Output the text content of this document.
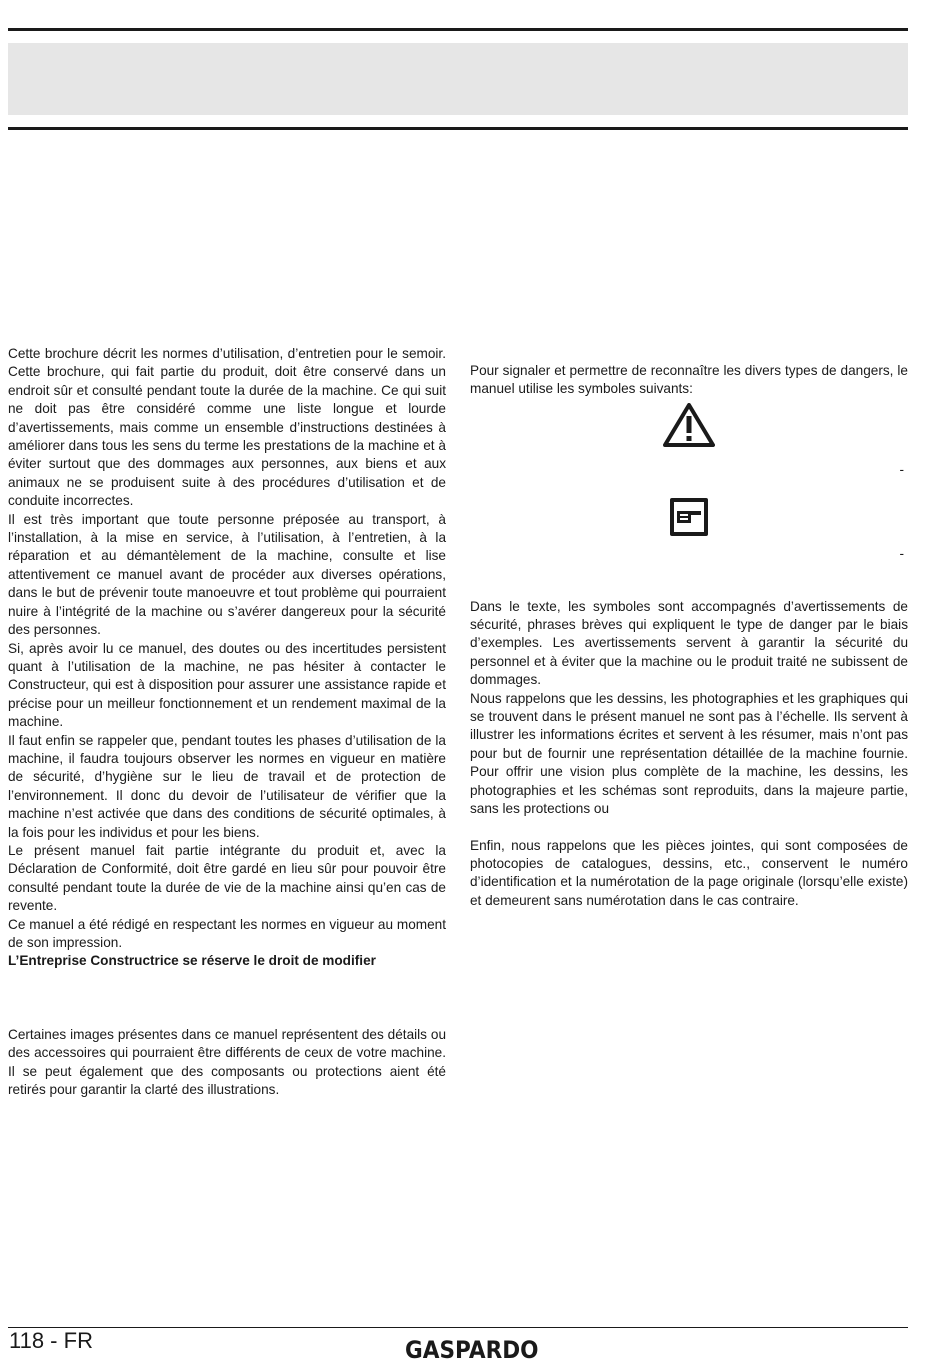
Cette brochure décrit les normes d’utilisation, d’entretien pour le semoir. Cette brochure, qui fait partie du produit, doit être conservé dans un endroit sûr et consulté pendant toute la durée de la machine. Ce qui suit ne doit pas être considéré comme une liste longue et lourde d’avertissements, mais comme un ensemble d’instructions destinées à améliorer dans tous les sens du terme les prestations de la machine et à éviter surtout que des dommages aux personnes, aux biens et aux animaux ne se produisent suite à des procédures d’utilisation et de conduite incorrectes.

Il est très important que toute personne préposée au transport, à l’installation, à la mise en service, à l’utilisation, à l’entretien, à la réparation et au démantèlement de la machine, consulte et lise attentivement ce manuel avant de procéder aux diverses opérations, dans le but de prévenir toute manoeuvre et tout problème qui pourraient nuire à l’intégrité de la machine ou s’avérer dangereux pour la sécurité des personnes.

Si, après avoir lu ce manuel, des doutes ou des incertitudes persistent quant à l’utilisation de la machine, ne pas hésiter à contacter le Constructeur, qui est à disposition pour assurer une assistance rapide et précise pour un meilleur fonctionnement et un rendement maximal de la machine.

Il faut enfin se rappeler que, pendant toutes les phases d’utilisation de la machine, il faudra toujours observer les normes en vigueur en matière de sécurité, d’hygiène sur le lieu de travail et de protection de l’environnement. Il donc du devoir de l’utilisateur de vérifier que la machine n’est activée que dans des conditions de sécurité optimales, à la fois pour les individus et pour les biens.

Le présent manuel fait partie intégrante du produit et, avec la Déclaration de Conformité, doit être gardé en lieu sûr pour pouvoir être consulté pendant toute la durée de vie de la machine ainsi qu’en cas de revente.

Ce manuel a été rédigé en respectant les normes en vigueur au moment de son impression.

L’Entreprise Constructrice se réserve le droit de modifier

Certaines images présentes dans ce manuel représentent des détails ou des accessoires qui pourraient être différents de ceux de votre machine. Il se peut également que des composants ou protections aient été retirés pour garantir la clarté des illustrations.

Pour signaler et permettre de reconnaître les divers types de dangers, le manuel utilise les symboles suivants:

-
-

Dans le texte, les symboles sont accompagnés d’avertissements de sécurité, phrases brèves qui expliquent le type de danger par le biais d’exemples. Les avertissements servent à garantir la sécurité du personnel et à éviter que la machine ou le produit traité ne subissent de dommages.

Nous rappelons que les dessins, les photographies et les graphiques qui se trouvent dans le présent manuel ne sont pas à l’échelle. Ils servent à illustrer les informations écrites et servent à les résumer, mais n’ont pas pour but de fournir une représentation détaillée de la machine fournie. Pour offrir une vision plus complète de la machine, les dessins, les photographies et les schémas sont reproduits, dans la majeure partie, sans les protections ou

Enfin, nous rappelons que les pièces jointes, qui sont composées de photocopies de catalogues, dessins, etc., conservent le numéro d’identification et la numérotation de la page originale (lorsqu’elle existe) et demeurent sans numérotation dans le cas contraire.

118 - FR	GASPARDO
